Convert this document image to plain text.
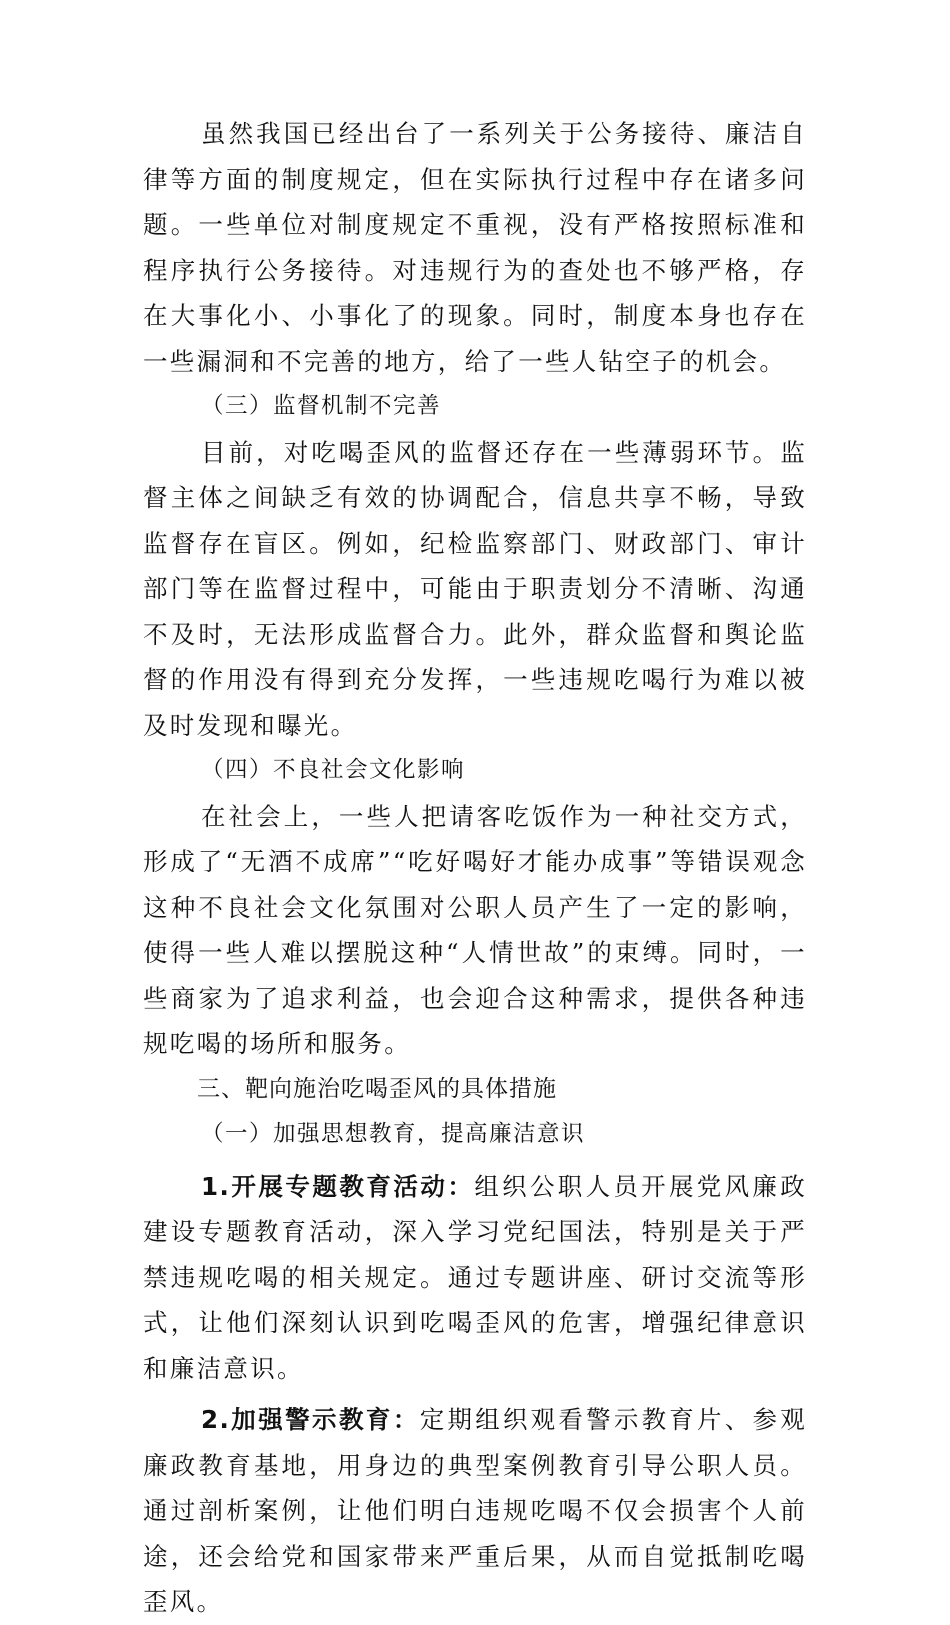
虽然我国已经出台了一系列关于公务接待、廉洁自律等方面的制度规定，但在实际执行过程中存在诸多问题。一些单位对制度规定不重视，没有严格按照标准和程序执行公务接待。对违规行为的查处也不够严格，存在大事化小、小事化了的现象。同时，制度本身也存在一些漏洞和不完善的地方，给了一些人钻空子的机会。

（三）监督机制不完善

目前，对吃喝歪风的监督还存在一些薄弱环节。监督主体之间缺乏有效的协调配合，信息共享不畅，导致监督存在盲区。例如，纪检监察部门、财政部门、审计部门等在监督过程中，可能由于职责划分不清晰、沟通不及时，无法形成监督合力。此外，群众监督和舆论监督的作用没有得到充分发挥，一些违规吃喝行为难以被及时发现和曝光。

（四）不良社会文化影响

在社会上，一些人把请客吃饭作为一种社交方式，形成了“无酒不成席”“吃好喝好才能办成事”等错误观念这种不良社会文化氛围对公职人员产生了一定的影响，使得一些人难以摆脱这种“人情世故”的束缚。同时，一些商家为了追求利益，也会迎合这种需求，提供各种违规吃喝的场所和服务。

三、靶向施治吃喝歪风的具体措施

（一）加强思想教育，提高廉洁意识

1.开展专题教育活动：组织公职人员开展党风廉政建设专题教育活动，深入学习党纪国法，特别是关于严禁违规吃喝的相关规定。通过专题讲座、研讨交流等形式，让他们深刻认识到吃喝歪风的危害，增强纪律意识和廉洁意识。

2.加强警示教育：定期组织观看警示教育片、参观廉政教育基地，用身边的典型案例教育引导公职人员。通过剖析案例，让他们明白违规吃喝不仅会损害个人前途，还会给党和国家带来严重后果，从而自觉抵制吃喝歪风。
